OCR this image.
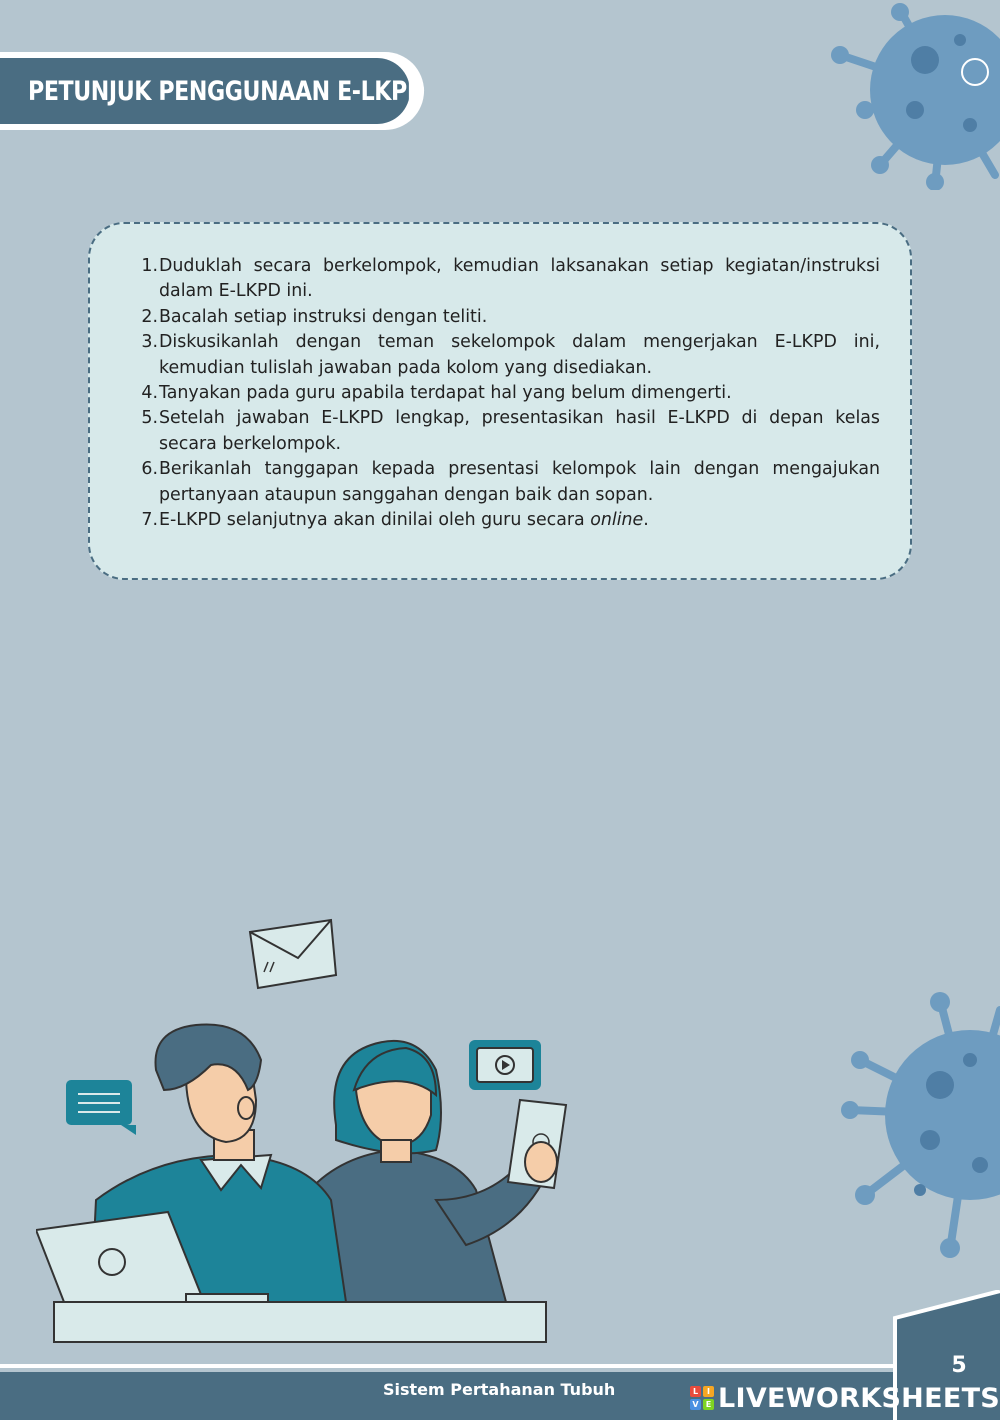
PETUNJUK PENGGUNAAN E-LKPD
1. Duduklah secara berkelompok, kemudian laksanakan setiap kegiatan/instruksi dalam E-LKPD ini.
2. Bacalah setiap instruksi dengan teliti.
3. Diskusikanlah dengan teman sekelompok dalam mengerjakan E-LKPD ini, kemudian tulislah jawaban pada kolom yang disediakan.
4. Tanyakan pada guru apabila terdapat hal yang belum dimengerti.
5. Setelah jawaban E-LKPD lengkap, presentasikan hasil E-LKPD di depan kelas secara berkelompok.
6. Berikanlah tanggapan kepada presentasi kelompok lain dengan mengajukan pertanyaan ataupun sanggahan dengan baik dan sopan.
7. E-LKPD selanjutnya akan dinilai oleh guru secara online.
5
Sistem Pertahanan Tubuh	L	I
V E LIVEWORKSHEETS
